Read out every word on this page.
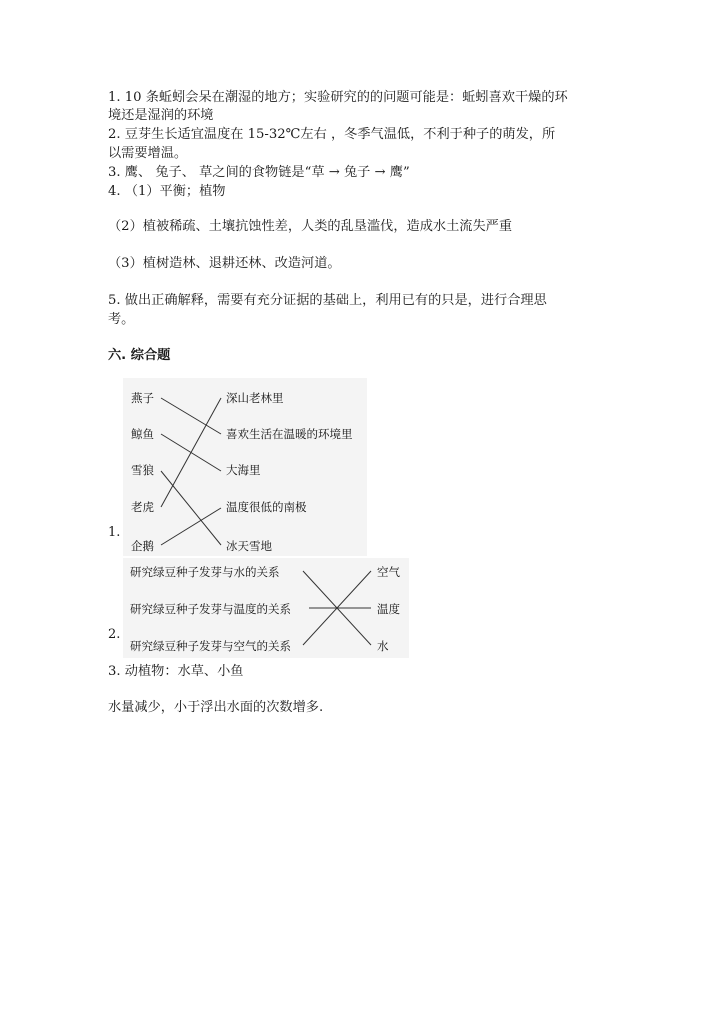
1. 10 条蚯蚓会呆在潮湿的地方；实验研究的的问题可能是：蚯蚓喜欢干燥的环
境还是湿润的环境
2. 豆芽生长适宜温度在 15-32℃左右 ，冬季气温低，不利于种子的萌发，所
以需要增温。
3. 鹰、 兔子、 草之间的食物链是“草 → 兔子 → 鹰”
4. （1）平衡；植物
（2）植被稀疏、土壤抗蚀性差，人类的乱垦滥伐，造成水土流失严重
（3）植树造林、退耕还林、改造河道。
5. 做出正确解释，需要有充分证据的基础上，利用已有的只是，进行合理思
考。
六. 综合题
燕子
鲸鱼
雪狼
老虎
企鹅
深山老林里
喜欢生活在温暖的环境里
大海里
温度很低的南极
冰天雪地
1.
研究绿豆种子发芽与水的关系
研究绿豆种子发芽与温度的关系
研究绿豆种子发芽与空气的关系
空气
温度
水
2.
3. 动植物：水草、小鱼
水量减少，小于浮出水面的次数增多.
